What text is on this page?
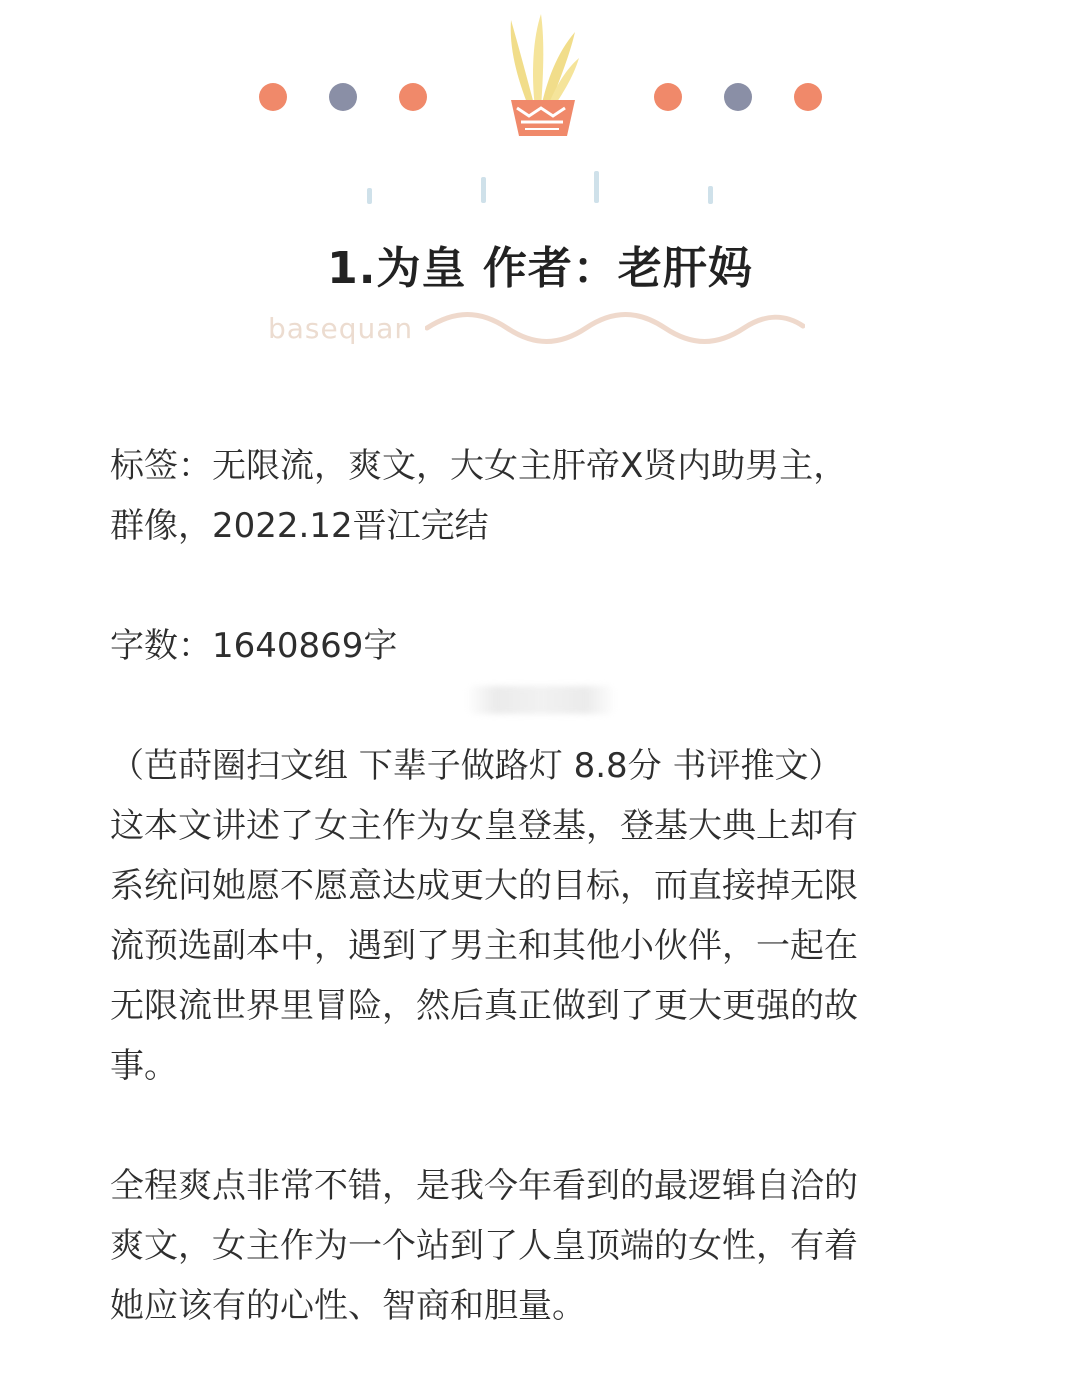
1.为皇 作者：老肝妈
basequan

标签：无限流，爽文，大女主肝帝X贤内助男主，

群像，2022.12晋江完结

字数：1640869字

（芭莳圈扫文组 下辈子做路灯 8.8分 书评推文）

这本文讲述了女主作为女皇登基，登基大典上却有

系统问她愿不愿意达成更大的目标，而直接掉无限

流预选副本中，遇到了男主和其他小伙伴，一起在

无限流世界里冒险，然后真正做到了更大更强的故

事。

全程爽点非常不错，是我今年看到的最逻辑自洽的

爽文，女主作为一个站到了人皇顶端的女性，有着

她应该有的心性、智商和胆量。
